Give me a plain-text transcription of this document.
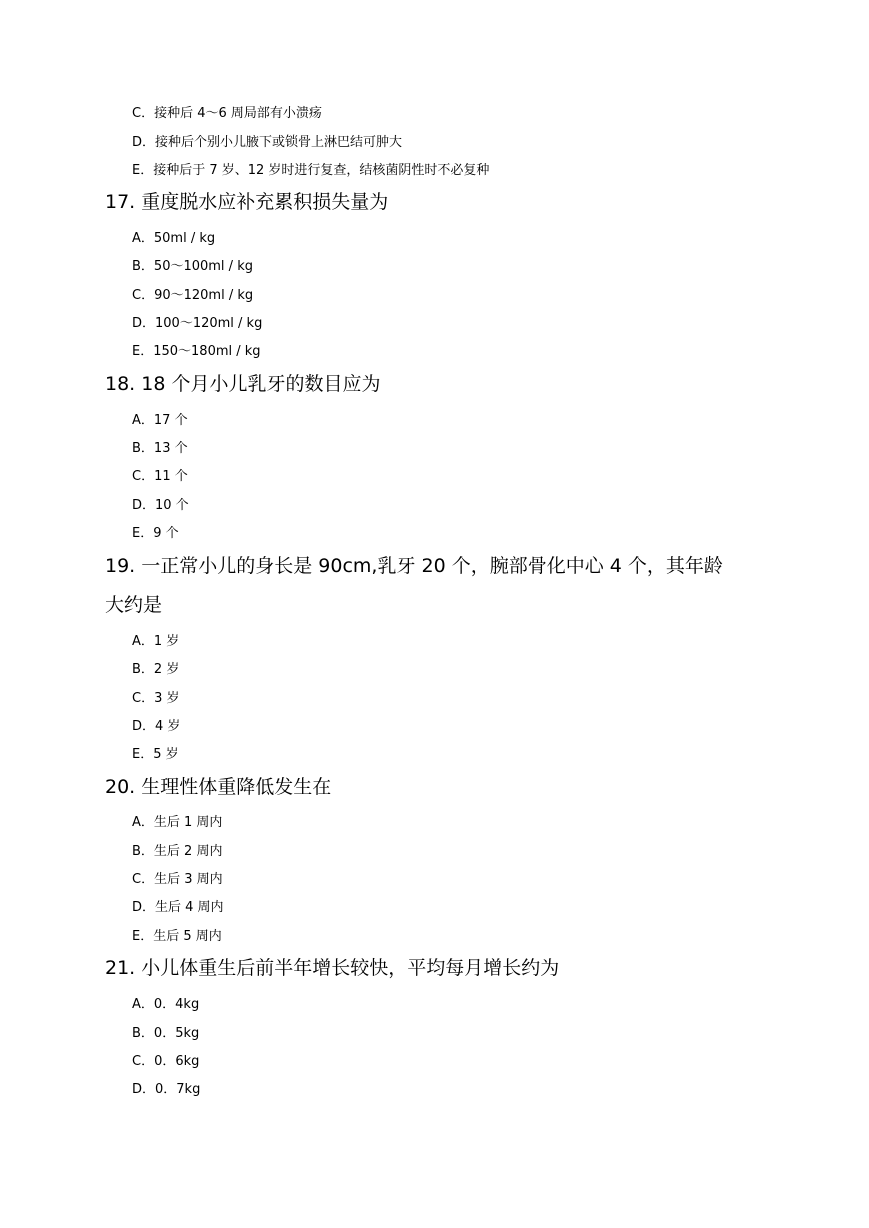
C．接种后 4～6 周局部有小溃疡
D．接种后个别小儿腋下或锁骨上淋巴结可肿大
E．接种后于 7 岁、12 岁时进行复查，结核菌阴性时不必复种
17. 重度脱水应补充累积损失量为
A．50ml / kg
B．50～100ml / kg
C．90～120ml / kg
D．100～120ml / kg
E．150～180ml / kg
18. 18 个月小儿乳牙的数目应为
A．17 个
B．13 个
C．11 个
D．10 个
E．9 个
19. 一正常小儿的身长是 90cm,乳牙 20 个，腕部骨化中心 4 个，其年龄
大约是
A．1 岁
B．2 岁
C．3 岁
D．4 岁
E．5 岁
20. 生理性体重降低发生在
A．生后 1 周内
B．生后 2 周内
C．生后 3 周内
D．生后 4 周内
E．生后 5 周内
21. 小儿体重生后前半年增长较快，平均每月增长约为
A．0．4kg
B．0．5kg
C．0．6kg
D．0．7kg
